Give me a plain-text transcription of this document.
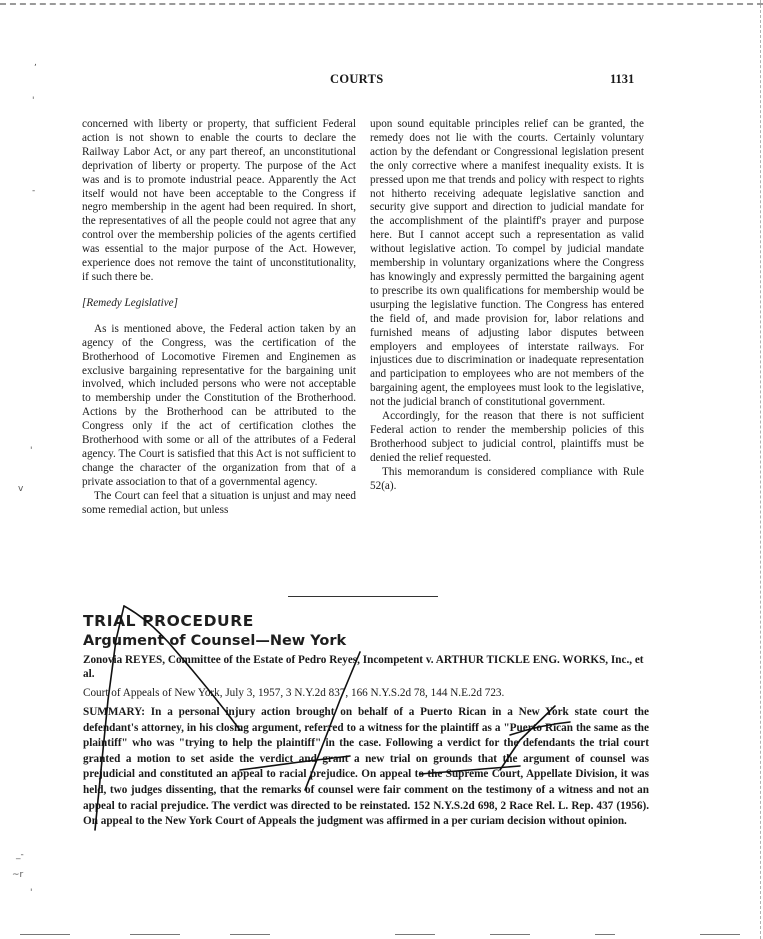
COURTS	1131

concerned with liberty or property, that sufficient Federal action is not shown to enable the courts to declare the Railway Labor Act, or any part thereof, an unconstitutional deprivation of liberty or property. The purpose of the Act was and is to promote industrial peace. Apparently the Act itself would not have been acceptable to the Congress if negro membership in the agent had been required. In short, the representatives of all the people could not agree that any control over the membership policies of the agents certified was essential to the major purpose of the Act. However, experience does not remove the taint of unconstitutionality, if such there be.

[Remedy Legislative]

As is mentioned above, the Federal action taken by an agency of the Congress, was the certification of the Brotherhood of Locomotive Firemen and Enginemen as exclusive bargaining representative for the bargaining unit involved, which included persons who were not acceptable to membership under the Constitution of the Brotherhood. Actions by the Brotherhood can be attributed to the Congress only if the act of certification clothes the Brotherhood with some or all of the attributes of a Federal agency. The Court is satisfied that this Act is not sufficient to change the character of the organization from that of a private association to that of a governmental agency.

The Court can feel that a situation is unjust and may need some remedial action, but unless

upon sound equitable principles relief can be granted, the remedy does not lie with the courts. Certainly voluntary action by the defendant or Congressional legislation present the only corrective where a manifest inequality exists. It is pressed upon me that trends and policy with respect to rights not hitherto receiving adequate legislative sanction and security give support and direction to judicial mandate for the accomplishment of the plaintiff's prayer and purpose here. But I cannot accept such a representation as valid without legislative action. To compel by judicial mandate membership in voluntary organizations where the Congress has knowingly and expressly permitted the bargaining agent to prescribe its own qualifications for membership would be usurping the legislative function. The Congress has entered the field of, and made provision for, labor relations and furnished means of adjusting labor disputes between employers and employees of interstate railways. For injustices due to discrimination or inadequate representation and participation to employees who are not members of the bargaining agent, the employees must look to the legislative, not the judicial branch of constitutional government.

Accordingly, for the reason that there is not sufficient Federal action to render the membership policies of this Brotherhood subject to judicial control, plaintiffs must be denied the relief requested.

This memorandum is considered compliance with Rule 52(a).

TRIAL PROCEDURE
Argument of Counsel—New York
Zonovia REYES, Committee of the Estate of Pedro Reyes, Incompetent v. ARTHUR TICKLE ENG. WORKS, Inc., et al.
Court of Appeals of New York, July 3, 1957, 3 N.Y.2d 837, 166 N.Y.S.2d 78, 144 N.E.2d 723.
SUMMARY: In a personal injury action brought on behalf of a Puerto Rican in a New York state court the defendant's attorney, in his closing argument, referred to a witness for the plaintiff as a "Puerto Rican the same as the plaintiff" who was "trying to help the plaintiff" in the case. Following a verdict for the defendants the trial court granted a motion to set aside the verdict and grant a new trial on grounds that the argument of counsel was prejudicial and constituted an appeal to racial prejudice. On appeal to the Supreme Court, Appellate Division, it was held, two judges dissenting, that the remarks of counsel were fair comment on the testimony of a witness and not an appeal to racial prejudice. The verdict was directed to be reinstated. 152 N.Y.S.2d 698, 2 Race Rel. L. Rep. 437 (1956). On appeal to the New York Court of Appeals the judgment was affirmed in a per curiam decision without opinion.
,
'
-
'
v
_-
~r
'
